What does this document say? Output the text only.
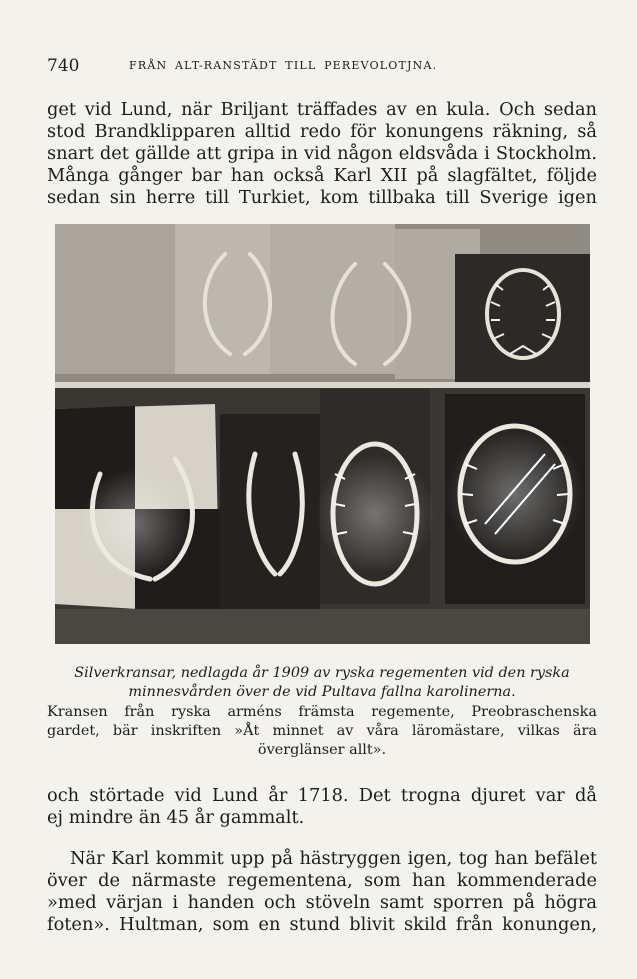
740	FRÅN ALT-RANSTÄDT TILL PEREVOLOTJNA.
get vid Lund, när Briljant träffades av en kula. Och sedan
stod Brandklipparen alltid redo för konungens räkning, så
snart det gällde att gripa in vid någon eldsvåda i Stockholm.
Många gånger bar han också Karl XII på slagfältet, följde
sedan sin herre till Turkiet, kom tillbaka till Sverige igen
Silverkransar, nedlagda år 1909 av ryska regementen vid den ryska
minnesvården över de vid Pultava fallna karolinerna.
Kransen från ryska arméns främsta regemente, Preobraschenska
gardet, bär inskriften »Åt minnet av våra läromästare, vilkas ära
överglänser allt».
och störtade vid Lund år 1718. Det trogna djuret var då
ej mindre än 45 år gammalt.
När Karl kommit upp på hästryggen igen, tog han befälet
över de närmaste regementena, som han kommenderade
»med värjan i handen och stöveln samt sporren på högra
foten». Hultman, som en stund blivit skild från konungen,
